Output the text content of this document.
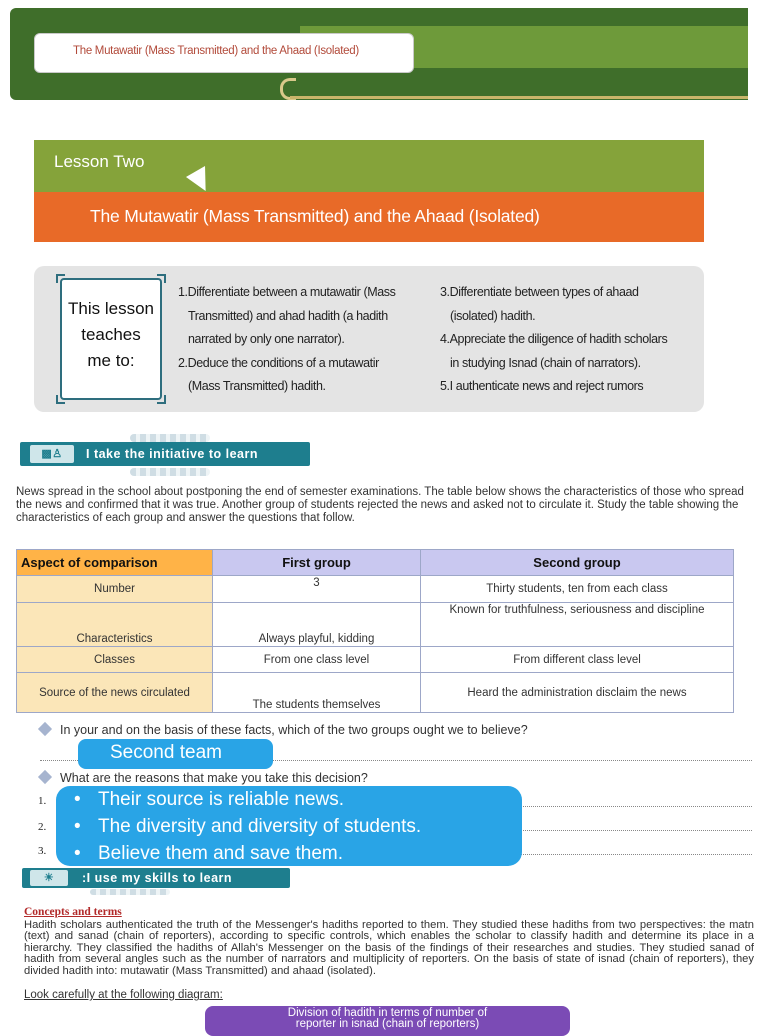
The Mutawatir (Mass Transmitted) and the Ahaad (Isolated)
Lesson Two
The Mutawatir (Mass Transmitted) and the Ahaad (Isolated)
This lesson
teaches
me to:
1.Differentiate between a mutawatir (Mass
Transmitted) and ahad hadith (a hadith
narrated by only one narrator).
2.Deduce the conditions of a mutawatir
(Mass Transmitted) hadith.
3.Differentiate between types of ahaad
(isolated) hadith.
4.Appreciate the diligence of hadith scholars
in studying Isnad (chain of narrators).
5.I authenticate news and reject rumors
▩♙	I take the initiative to learn
News spread in the school about postponing the end of semester examinations. The table below shows the characteristics of those who spread the news and confirmed that it was true. Another group of students rejected the news and asked not to circulate it. Study the table showing the characteristics of each group and answer the questions that follow.
Aspect of comparison	First group	Second group
Number	3	Thirty students, ten from each class
Characteristics	Always playful, kidding	Known for truthfulness, seriousness and discipline
Classes	From one class level	From different class level
Source of the news circulated	The students themselves	Heard the administration disclaim the news
In your and on the basis of these facts, which of the two groups ought we to believe?
Second team
What are the reasons that make you take this decision?
1.
2.
3.
• Their source is reliable news.
• The diversity and diversity of students.
• Believe them and save them.
☀	:I use my skills to learn
Concepts and terms
Hadith scholars authenticated the truth of the Messenger's hadiths reported to them. They studied these hadiths from two perspectives: the matn (text) and sanad (chain of reporters), according to specific controls, which enables the scholar to classify hadith and determine its place in a hierarchy. They classified the hadiths of Allah's Messenger on the basis of the findings of their researches and studies. They studied sanad of hadith from several angles such as the number of narrators and multiplicity of reporters. On the basis of state of isnad (chain of reporters), they divided hadith into: mutawatir (Mass Transmitted) and ahaad (isolated).
Look carefully at the following diagram:
Division of hadith in terms of number of
reporter in isnad (chain of reporters)
